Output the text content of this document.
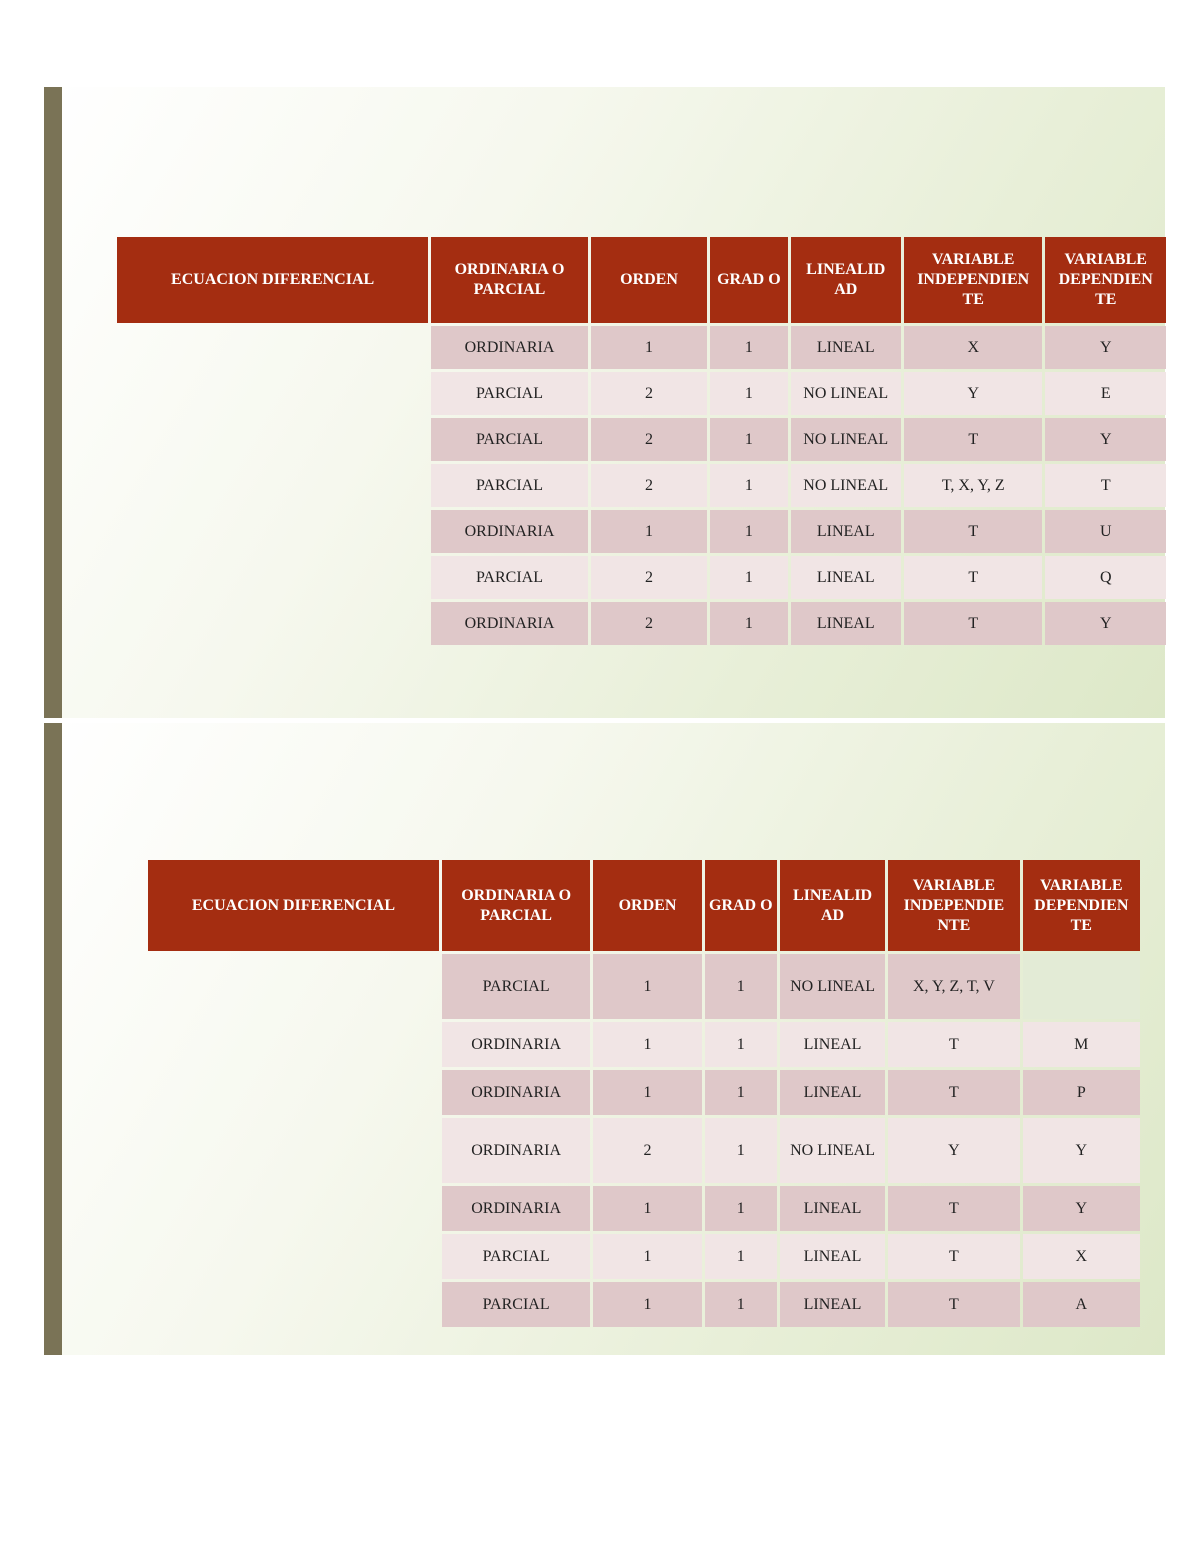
ECUACION DIFERENCIAL	ORDINARIA O PARCIAL	ORDEN	GRAD O	LINEALID AD	VARIABLE INDEPENDIEN TE	VARIABLE DEPENDIEN TE
	ORDINARIA	1	1	LINEAL	X	Y
	PARCIAL	2	1	NO LINEAL	Y	E
	PARCIAL	2	1	NO LINEAL	T	Y
	PARCIAL	2	1	NO LINEAL	T, X, Y, Z	T
	ORDINARIA	1	1	LINEAL	T	U
	PARCIAL	2	1	LINEAL	T	Q
	ORDINARIA	2	1	LINEAL	T	Y
ECUACION DIFERENCIAL	ORDINARIA O PARCIAL	ORDEN	GRAD O	LINEALID AD	VARIABLE INDEPENDIE NTE	VARIABLE DEPENDIEN TE
	PARCIAL	1	1	NO LINEAL	X, Y, Z, T, V	
	ORDINARIA	1	1	LINEAL	T	M
	ORDINARIA	1	1	LINEAL	T	P
	ORDINARIA	2	1	NO LINEAL	Y	Y
	ORDINARIA	1	1	LINEAL	T	Y
	PARCIAL	1	1	LINEAL	T	X
	PARCIAL	1	1	LINEAL	T	A
